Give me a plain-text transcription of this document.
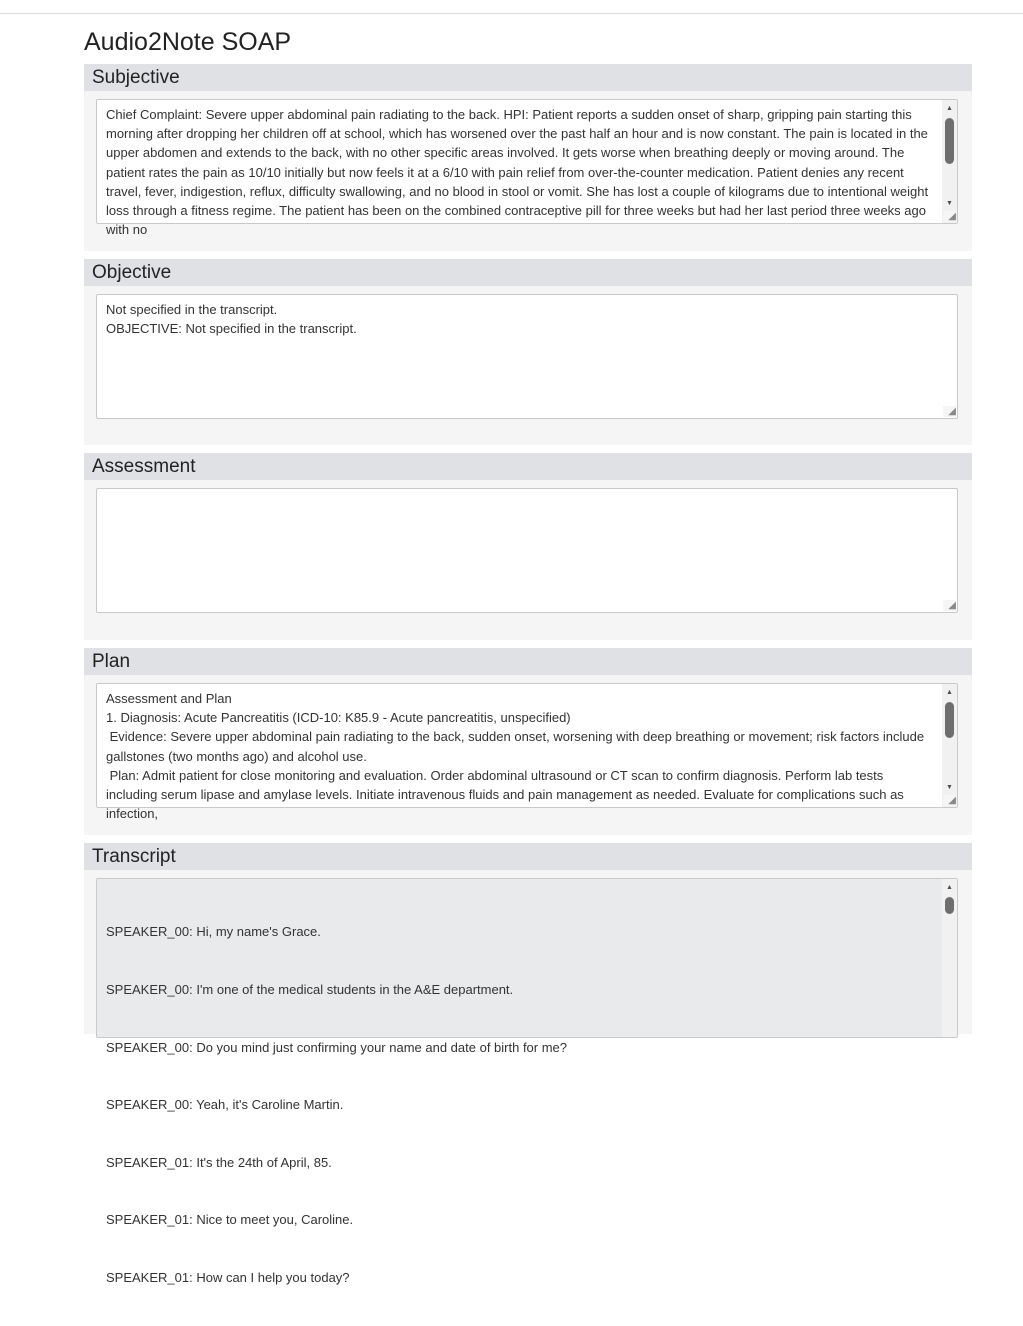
Audio2Note SOAP
Subjective
Chief Complaint: Severe upper abdominal pain radiating to the back. HPI: Patient reports a sudden onset of sharp, gripping pain starting this morning after dropping her children off at school, which has worsened over the past half an hour and is now constant. The pain is located in the upper abdomen and extends to the back, with no other specific areas involved. It gets worse when breathing deeply or moving around. The patient rates the pain as 10/10 initially but now feels it at a 6/10 with pain relief from over-the-counter medication. Patient denies any recent travel, fever, indigestion, reflux, difficulty swallowing, and no blood in stool or vomit. She has lost a couple of kilograms due to intentional weight loss through a fitness regime. The patient has been on the combined contraceptive pill for three weeks but had her last period three weeks ago with no
▲
▼
◢
Objective
Not specified in the transcript.
OBJECTIVE: Not specified in the transcript.
◢
Assessment
◢
Plan
Assessment and Plan
1. Diagnosis: Acute Pancreatitis (ICD-10: K85.9 - Acute pancreatitis, unspecified)
Evidence: Severe upper abdominal pain radiating to the back, sudden onset, worsening with deep breathing or movement; risk factors include gallstones (two months ago) and alcohol use.
Plan: Admit patient for close monitoring and evaluation. Order abdominal ultrasound or CT scan to confirm diagnosis. Perform lab tests including serum lipase and amylase levels. Initiate intravenous fluids and pain management as needed. Evaluate for complications such as infection,
▲
▼
◢
Transcript

SPEAKER_00: Hi, my name's Grace.

SPEAKER_00: I'm one of the medical students in the A&E department.

SPEAKER_00: Do you mind just confirming your name and date of birth for me?

SPEAKER_00: Yeah, it's Caroline Martin.

SPEAKER_01: It's the 24th of April, 85.

SPEAKER_01: Nice to meet you, Caroline.

SPEAKER_01: How can I help you today?

▲
